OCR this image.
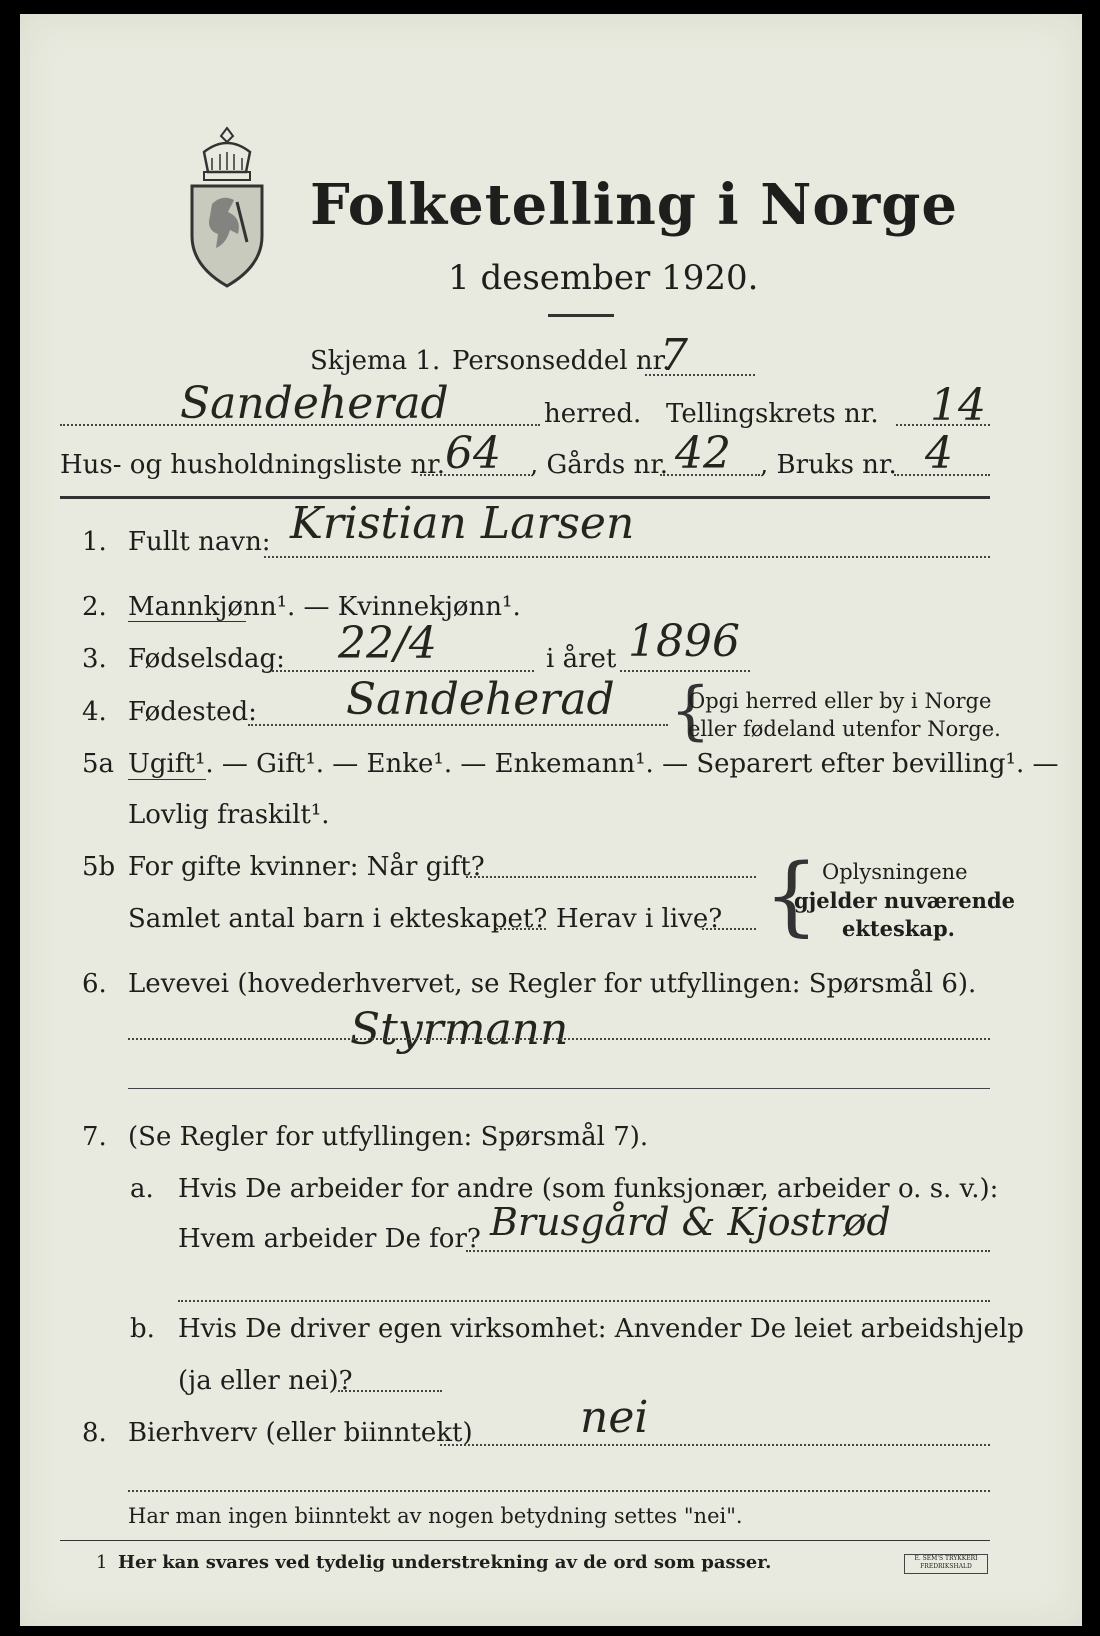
Folketelling i Norge
1 desember 1920.
Skjema 1. Personseddel nr.
7
Sandeherad	herred. Tellingskrets nr. 14
Hus- og husholdningsliste nr. 64 , Gårds nr. 42 , Bruks nr. 4
1. Fullt navn: Kristian Larsen
2. Mannkjønn¹. — Kvinnekjønn¹.
3. Fødselsdag: 22/4	i året 1896
4. Fødested: Sandeherad {
Opgi herred eller by i Norge
eller fødeland utenfor Norge.
5a Ugift¹. — Gift¹. — Enke¹. — Enkemann¹. — Separert efter bevilling¹. —
Lovlig fraskilt¹.
5b For gifte kvinner: Når gift?
Samlet antal barn i ekteskapet? Herav i live? { Oplysningene
gjelder nuværende
ekteskap.
6. Levevei (hovederhvervet, se Regler for utfyllingen: Spørsmål 6).
Styrmann
7. (Se Regler for utfyllingen: Spørsmål 7).
a. Hvis De arbeider for andre (som funksjonær, arbeider o. s. v.):
Hvem arbeider De for? Brusgård & Kjostrød
b. Hvis De driver egen virksomhet: Anvender De leiet arbeidshjelp
(ja eller nei)?
8. Bierhverv (eller biinntekt) nei
Har man ingen biinntekt av nogen betydning settes "nei".
1 Her kan svares ved tydelig understrekning av de ord som passer.	E. SEM'S TRYKKERI
FREDRIKSHALD
